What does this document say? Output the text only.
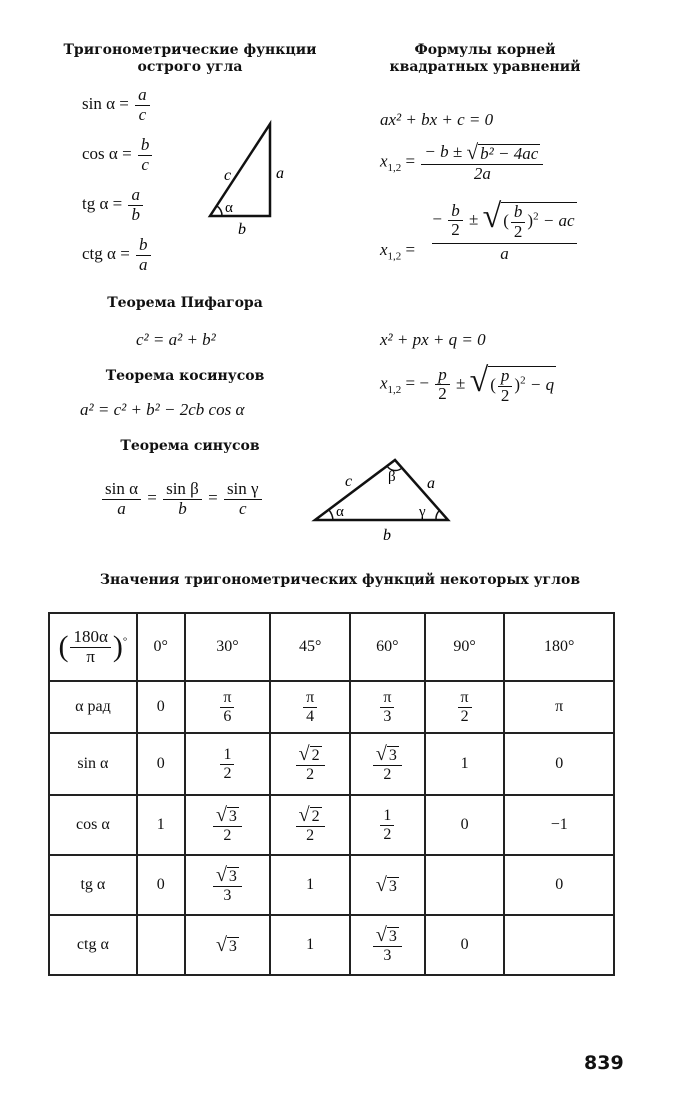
Тригонометрические функции
острого угла
Формулы корней
квадратных уравнений
$\sin \alpha = \frac{a}{c}$
$\cos \alpha = \frac{b}{c}$
tg $\alpha = \frac{a}{b}$
ctg $\alpha = \frac{b}{a}$
c	a
b
α
ax² + bx + c = 0
$x_{1,2} = \frac{\text{− b ± √ b² − 4ac}}{2a}$
$x_{1,2}$ =
− $\frac{b}{2}$ ± √ ( $\frac{b}{2} )^2$ − ac
a
x² + px + q = 0
$x_{1,2}$ = − $\frac{p}{2}$ ± √ ( $\frac{p}{2} )^2 - q$
Теорема Пифагора
c² = a² + b²
Теорема косинусов
a² = c² + b² − 2cb cos α
Теорема синусов
$\frac{\text{sin α}}{a} = \frac{\text{sin β}}{b} = \frac{\text{sin γ}}{c}$	c	a
b
α
β
γ
Значения тригонометрических функций некоторых углов
( $\frac{180\alpha}{\pi} )^\circ$	0°	30°	45°	60°	90°	180°
α рад	0	$\frac{\pi}{6}$	$\frac{\pi}{4}$	$\frac{\pi}{3}$	$\frac{\pi}{2}$	π
sin α	0	$\frac{1}{2}$	$\frac{√ 2}{2}$	$\frac{√ 3}{2}$	1	0
cos α	1	$\frac{√ 3}{2}$	$\frac{√ 2}{2}$	$\frac{1}{2}$	0	−1
tg α	0	$\frac{√ 3}{3}$	1	√ 3		0
ctg α		√ 3	1	$\frac{√ 3}{3}$	0	
839
